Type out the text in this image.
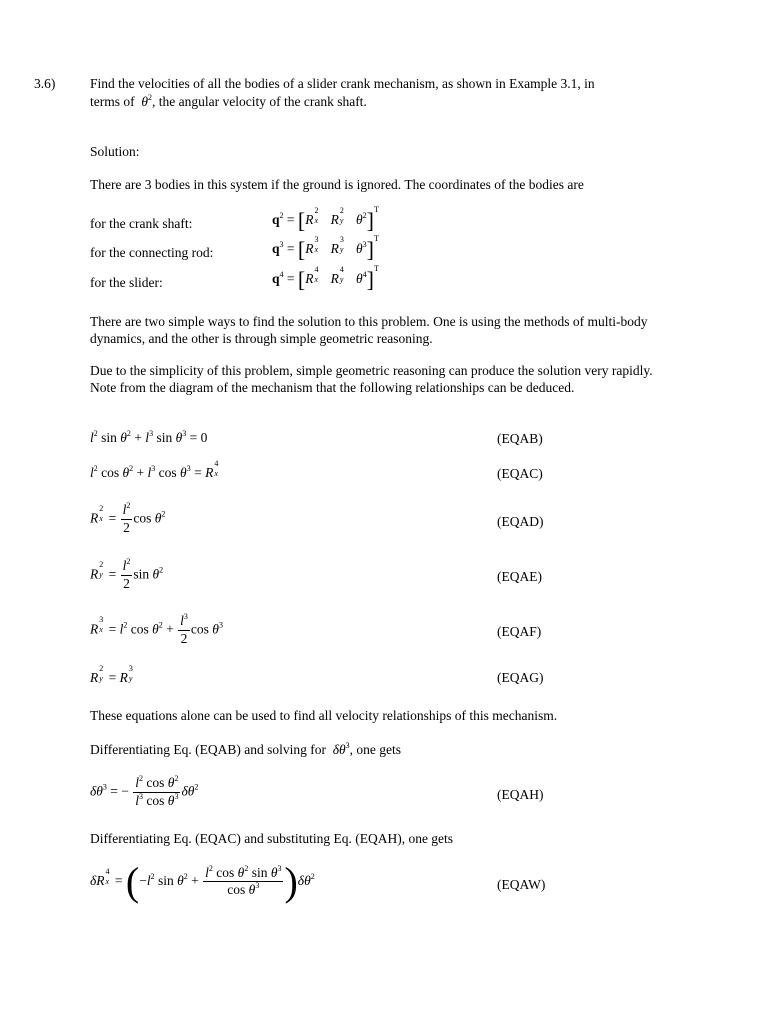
3.6)	Find the velocities of all the bodies of a slider crank mechanism, as shown in Example 3.1, in
terms of $\theta^2$, the angular velocity of the crank shaft.
Solution:
There are 3 bodies in this system if the ground is ignored. The coordinates of the bodies are
for the crank shaft:	$q^2 = [R$
2
x R
2
y $\theta^2]^T$
for the connecting rod:	$q^3 = [R$
3
x R
3
y $\theta^3]^T$
for the slider:	$q^4 = [R$
4
x R
4
y $\theta^4]^T$
There are two simple ways to find the solution to this problem. One is using the methods of multi-body dynamics, and the other is through simple geometric reasoning.
Due to the simplicity of this problem, simple geometric reasoning can produce the solution very rapidly. Note from the diagram of the mechanism that the following relationships can be deduced.
$l^2$ $\sin \theta^2 + l^3$ $\sin \theta^3 = 0$	(EQAB)
$l^2$ $\cos \theta^2 + l^3$ $\cos \theta^3 = R$
4
x	(EQAC)
R
2
$x = \frac{l^2}{2}$ $\cos \theta^2$
(EQAD)
R
2
$y = \frac{l^2}{2}$ $\sin \theta^2$	(EQAE)
R
3
$x = l^2$ $\cos \theta^2 + \frac{l^3}{2}$ $\cos \theta^3$	(EQAF)
R
2
y = R
3
y	(EQAG)
These equations alone can be used to find all velocity relationships of this mechanism.
Differentiating Eq. (EQAB) and solving for $\delta\theta^3$, one gets
$\delta\theta^3$ = − $\frac{l^2 \cos \theta^2}{l^3 \cos \theta^3} \delta\theta^2$
(EQAH)
Differentiating Eq. (EQAC) and substituting Eq. (EQAH), one gets
δR
4
$x = (-l^2$ $\sin \theta^2 + \frac{l^2 \cos \theta^2 \sin \theta^3}{\cos \theta^3} )\delta\theta^2$
(EQAW)
